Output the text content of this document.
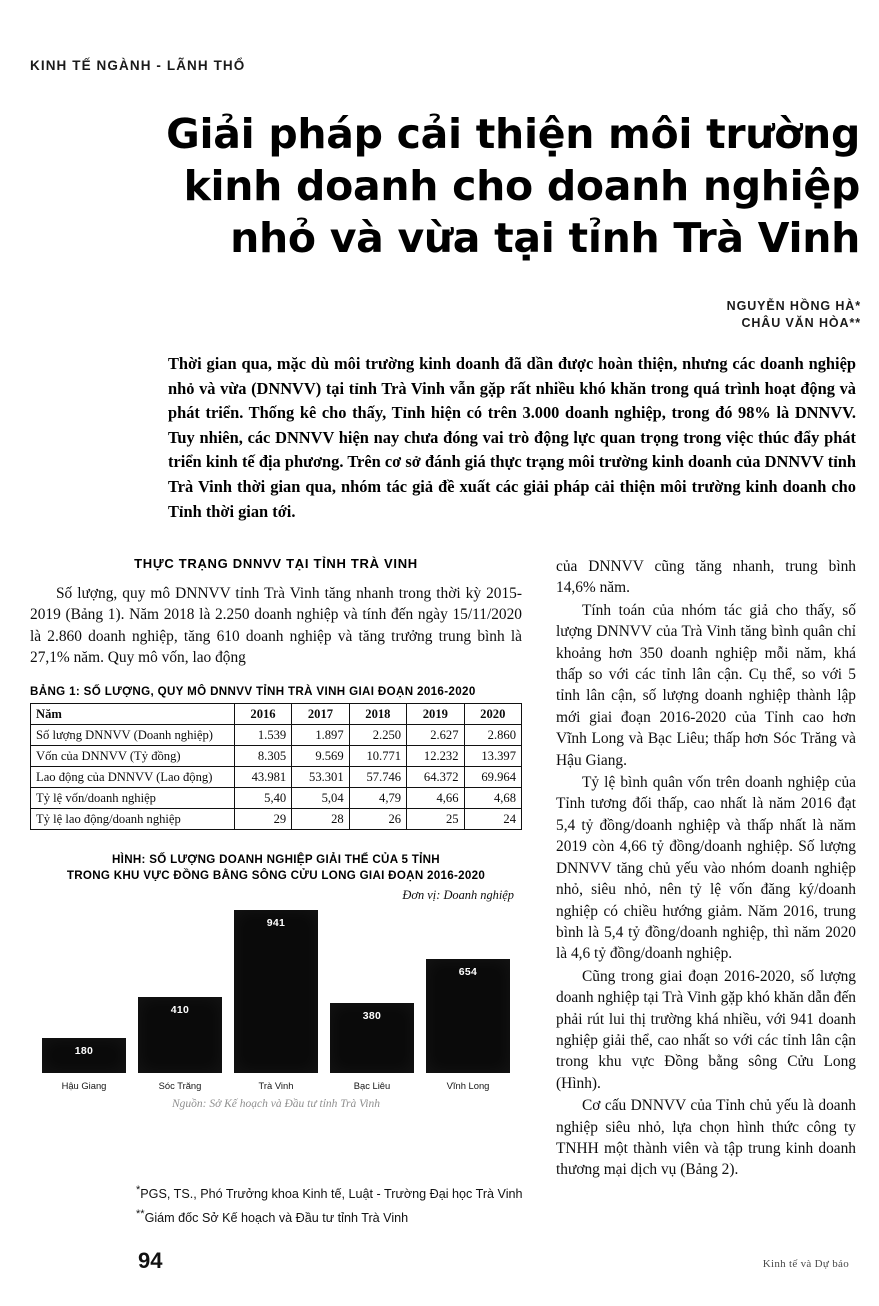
KINH TẾ NGÀNH - LÃNH THỔ
Giải pháp cải thiện môi trường
kinh doanh cho doanh nghiệp
nhỏ và vừa tại tỉnh Trà Vinh
NGUYỄN HỒNG HÀ*
CHÂU VĂN HÒA**
Thời gian qua, mặc dù môi trường kinh doanh đã dần được hoàn thiện, nhưng các doanh nghiệp nhỏ và vừa (DNNVV) tại tỉnh Trà Vinh vẫn gặp rất nhiều khó khăn trong quá trình hoạt động và phát triển. Thống kê cho thấy, Tỉnh hiện có trên 3.000 doanh nghiệp, trong đó 98% là DNNVV. Tuy nhiên, các DNNVV hiện nay chưa đóng vai trò động lực quan trọng trong việc thúc đẩy phát triển kinh tế địa phương. Trên cơ sở đánh giá thực trạng môi trường kinh doanh của DNNVV tỉnh Trà Vinh thời gian qua, nhóm tác giả đề xuất các giải pháp cải thiện môi trường kinh doanh cho Tỉnh thời gian tới.
THỰC TRẠNG DNNVV TẠI TỈNH TRÀ VINH

Số lượng, quy mô DNNVV tỉnh Trà Vinh tăng nhanh trong thời kỳ 2015-2019 (Bảng 1). Năm 2018 là 2.250 doanh nghiệp và tính đến ngày 15/11/2020 là 2.860 doanh nghiệp, tăng 610 doanh nghiệp và tăng trưởng trung bình là 27,1% năm. Quy mô vốn, lao động

BẢNG 1: SỐ LƯỢNG, QUY MÔ DNNVV TỈNH TRÀ VINH GIAI ĐOẠN 2016-2020
Năm	2016	2017	2018	2019	2020
Số lượng DNNVV (Doanh nghiệp)	1.539	1.897	2.250	2.627	2.860
Vốn của DNNVV (Tỷ đồng)	8.305	9.569	10.771	12.232	13.397
Lao động của DNNVV (Lao động)	43.981	53.301	57.746	64.372	69.964
Tỷ lệ vốn/doanh nghiệp	5,40	5,04	4,79	4,66	4,68
Tỷ lệ lao động/doanh nghiệp	29	28	26	25	24
HÌNH: SỐ LƯỢNG DOANH NGHIỆP GIẢI THỂ CỦA 5 TỈNH
TRONG KHU VỰC ĐỒNG BẰNG SÔNG CỬU LONG GIAI ĐOẠN 2016-2020
Đơn vị: Doanh nghiệp
180
Hậu Giang
410
Sóc Trăng
941
Trà Vinh
380
Bạc Liêu
654
Vĩnh Long
Nguồn: Sở Kế hoạch và Đầu tư tỉnh Trà Vinh

của DNNVV cũng tăng nhanh, trung bình 14,6% năm.

Tính toán của nhóm tác giả cho thấy, số lượng DNNVV của Trà Vinh tăng bình quân chỉ khoảng hơn 350 doanh nghiệp mỗi năm, khá thấp so với các tỉnh lân cận. Cụ thể, so với 5 tỉnh lân cận, số lượng doanh nghiệp thành lập mới giai đoạn 2016-2020 của Tỉnh cao hơn Vĩnh Long và Bạc Liêu; thấp hơn Sóc Trăng và Hậu Giang.

Tỷ lệ bình quân vốn trên doanh nghiệp của Tỉnh tương đối thấp, cao nhất là năm 2016 đạt 5,4 tỷ đồng/doanh nghiệp và thấp nhất là năm 2019 còn 4,66 tỷ đồng/doanh nghiệp. Số lượng DNNVV tăng chủ yếu vào nhóm doanh nghiệp nhỏ, siêu nhỏ, nên tỷ lệ vốn đăng ký/doanh nghiệp có chiều hướng giảm. Năm 2016, trung bình là 5,4 tỷ đồng/doanh nghiệp, thì năm 2020 là 4,6 tỷ đồng/doanh nghiệp.

Cũng trong giai đoạn 2016-2020, số lượng doanh nghiệp tại Trà Vinh gặp khó khăn dẫn đến phải rút lui thị trường khá nhiều, với 941 doanh nghiệp giải thể, cao nhất so với các tỉnh lân cận trong khu vực Đồng bằng sông Cửu Long (Hình).

Cơ cấu DNNVV của Tỉnh chủ yếu là doanh nghiệp siêu nhỏ, lựa chọn hình thức công ty TNHH một thành viên và tập trung kinh doanh thương mại dịch vụ (Bảng 2).

*PGS, TS., Phó Trưởng khoa Kinh tế, Luật - Trường Đại học Trà Vinh
**Giám đốc Sở Kế hoạch và Đầu tư tỉnh Trà Vinh
94	Kinh tế và Dự báo
